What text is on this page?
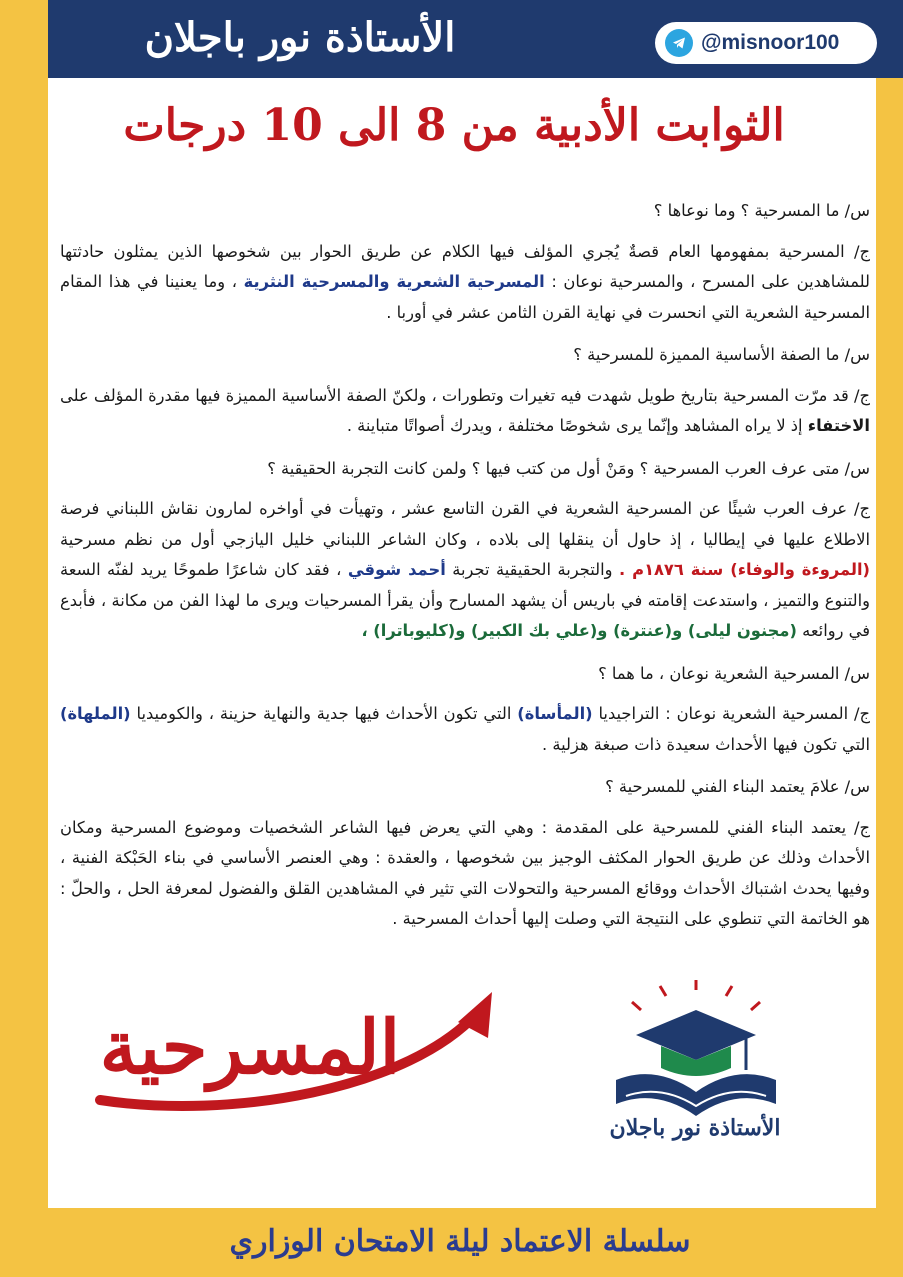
الأستاذة نور باجلان	@misnoor100
الثوابت الأدبية من 8 الى 10 درجات

س/ ما المسرحية ؟ وما نوعاها ؟

ج/ المسرحية بمفهومها العام قصةٌ يُجري المؤلف فيها الكلام عن طريق الحوار بين شخوصها الذين يمثلون حادثتها للمشاهدين على المسرح ، والمسرحية نوعان : المسرحية الشعرية والمسرحية النثرية ، وما يعنينا في هذا المقام المسرحية الشعرية التي انحسرت في نهاية القرن الثامن عشر في أوربا .

س/ ما الصفة الأساسية المميزة للمسرحية ؟

ج/ قد مرّت المسرحية بتاريخ طويل شهدت فيه تغيرات وتطورات ، ولكنّ الصفة الأساسية المميزة فيها مقدرة المؤلف على الاختفاء إذ لا يراه المشاهد وإنّما يرى شخوصًا مختلفة ، ويدرك أصواتًا متباينة .

س/ متى عرف العرب المسرحية ؟ ومَنْ أول من كتب فيها ؟ ولمن كانت التجربة الحقيقية ؟

ج/ عرف العرب شيئًا عن المسرحية الشعرية في القرن التاسع عشر ، وتهيأت في أواخره لمارون نقاش اللبناني فرصة الاطلاع عليها في إيطاليا ، إذ حاول أن ينقلها إلى بلاده ، وكان الشاعر اللبناني خليل اليازجي أول من نظم مسرحية (المروءة والوفاء) سنة ١٨٧٦م . والتجربة الحقيقية تجربة أحمد شوقي ، فقد كان شاعرًا طموحًا يريد لفنّه السعة والتنوع والتميز ، واستدعت إقامته في باريس أن يشهد المسارح وأن يقرأ المسرحيات ويرى ما لهذا الفن من مكانة ، فأبدع في روائعه (مجنون ليلى) و(عنترة) و(علي بك الكبير) و(كليوباترا) ،

س/ المسرحية الشعرية نوعان ، ما هما ؟

ج/ المسرحية الشعرية نوعان : التراجيديا (المأساة) التي تكون الأحداث فيها جدية والنهاية حزينة ، والكوميديا (الملهاة) التي تكون فيها الأحداث سعيدة ذات صبغة هزلية .

س/ علامَ يعتمد البناء الفني للمسرحية ؟

ج/ يعتمد البناء الفني للمسرحية على المقدمة : وهي التي يعرض فيها الشاعر الشخصيات وموضوع المسرحية ومكان الأحداث وذلك عن طريق الحوار المكثف الوجيز بين شخوصها ، والعقدة : وهي العنصر الأساسي في بناء الحَبْكة الفنية ، وفيها يحدث اشتباك الأحداث ووقائع المسرحية والتحولات التي تثير في المشاهدين القلق والفضول لمعرفة الحل ، والحلّ : هو الخاتمة التي تنطوي على النتيجة التي وصلت إليها أحداث المسرحية .

المسرحية
الأستاذة نور باجلان
سلسلة الاعتماد ليلة الامتحان الوزاري
